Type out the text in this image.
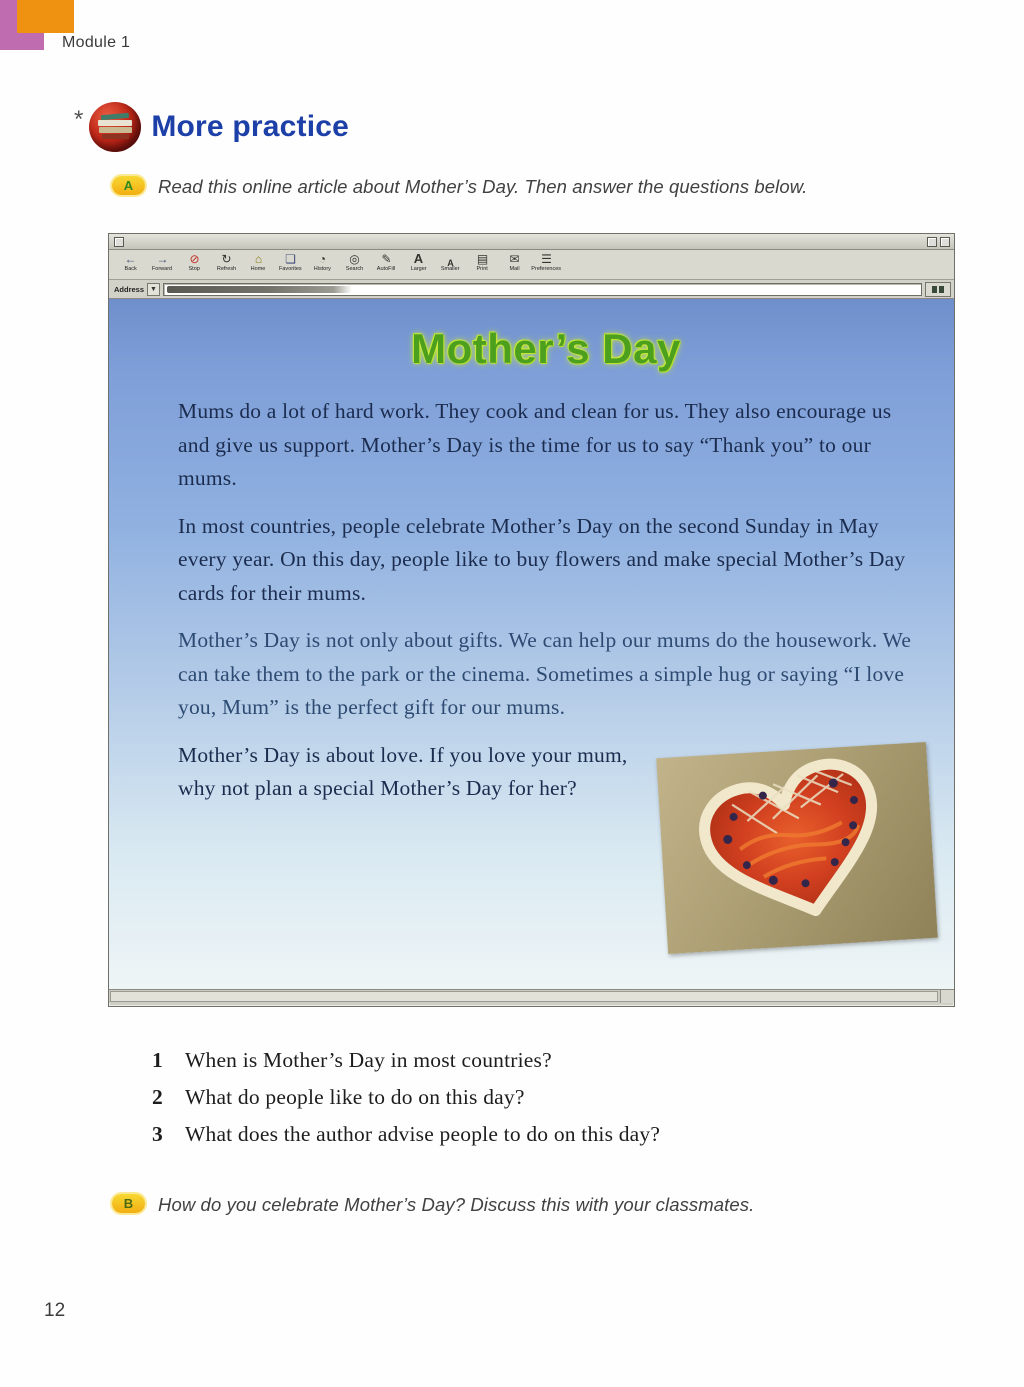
Module 1
* More practice
A	Read this online article about Mother’s Day. Then answer the questions below.
←
Back
→
Forward
⊘
Stop
↻
Refresh
⌂
Home
❏
Favorites
◔
History
◎
Search
✎
AutoFill
A
Larger
A
Smaller
▤
Print
✉
Mail
☰
Preferences
Address ▼
Mother’s Day

Mums do a lot of hard work. They cook and clean for us. They also encourage us and give us support. Mother’s Day is the time for us to say “Thank you” to our mums.

In most countries, people celebrate Mother’s Day on the second Sunday in May every year. On this day, people like to buy flowers and make special Mother’s Day cards for their mums.

Mother’s Day is not only about gifts. We can help our mums do the housework. We can take them to the park or the cinema. Sometimes a simple hug or saying “I love you, Mum” is the perfect gift for our mums.

Mother’s Day is about love. If you love your mum, why not plan a special Mother’s Day for her?

1	When is Mother’s Day in most countries?
2	What do people like to do on this day?
3	What does the author advise people to do on this day?
B	How do you celebrate Mother’s Day? Discuss this with your classmates.
12
